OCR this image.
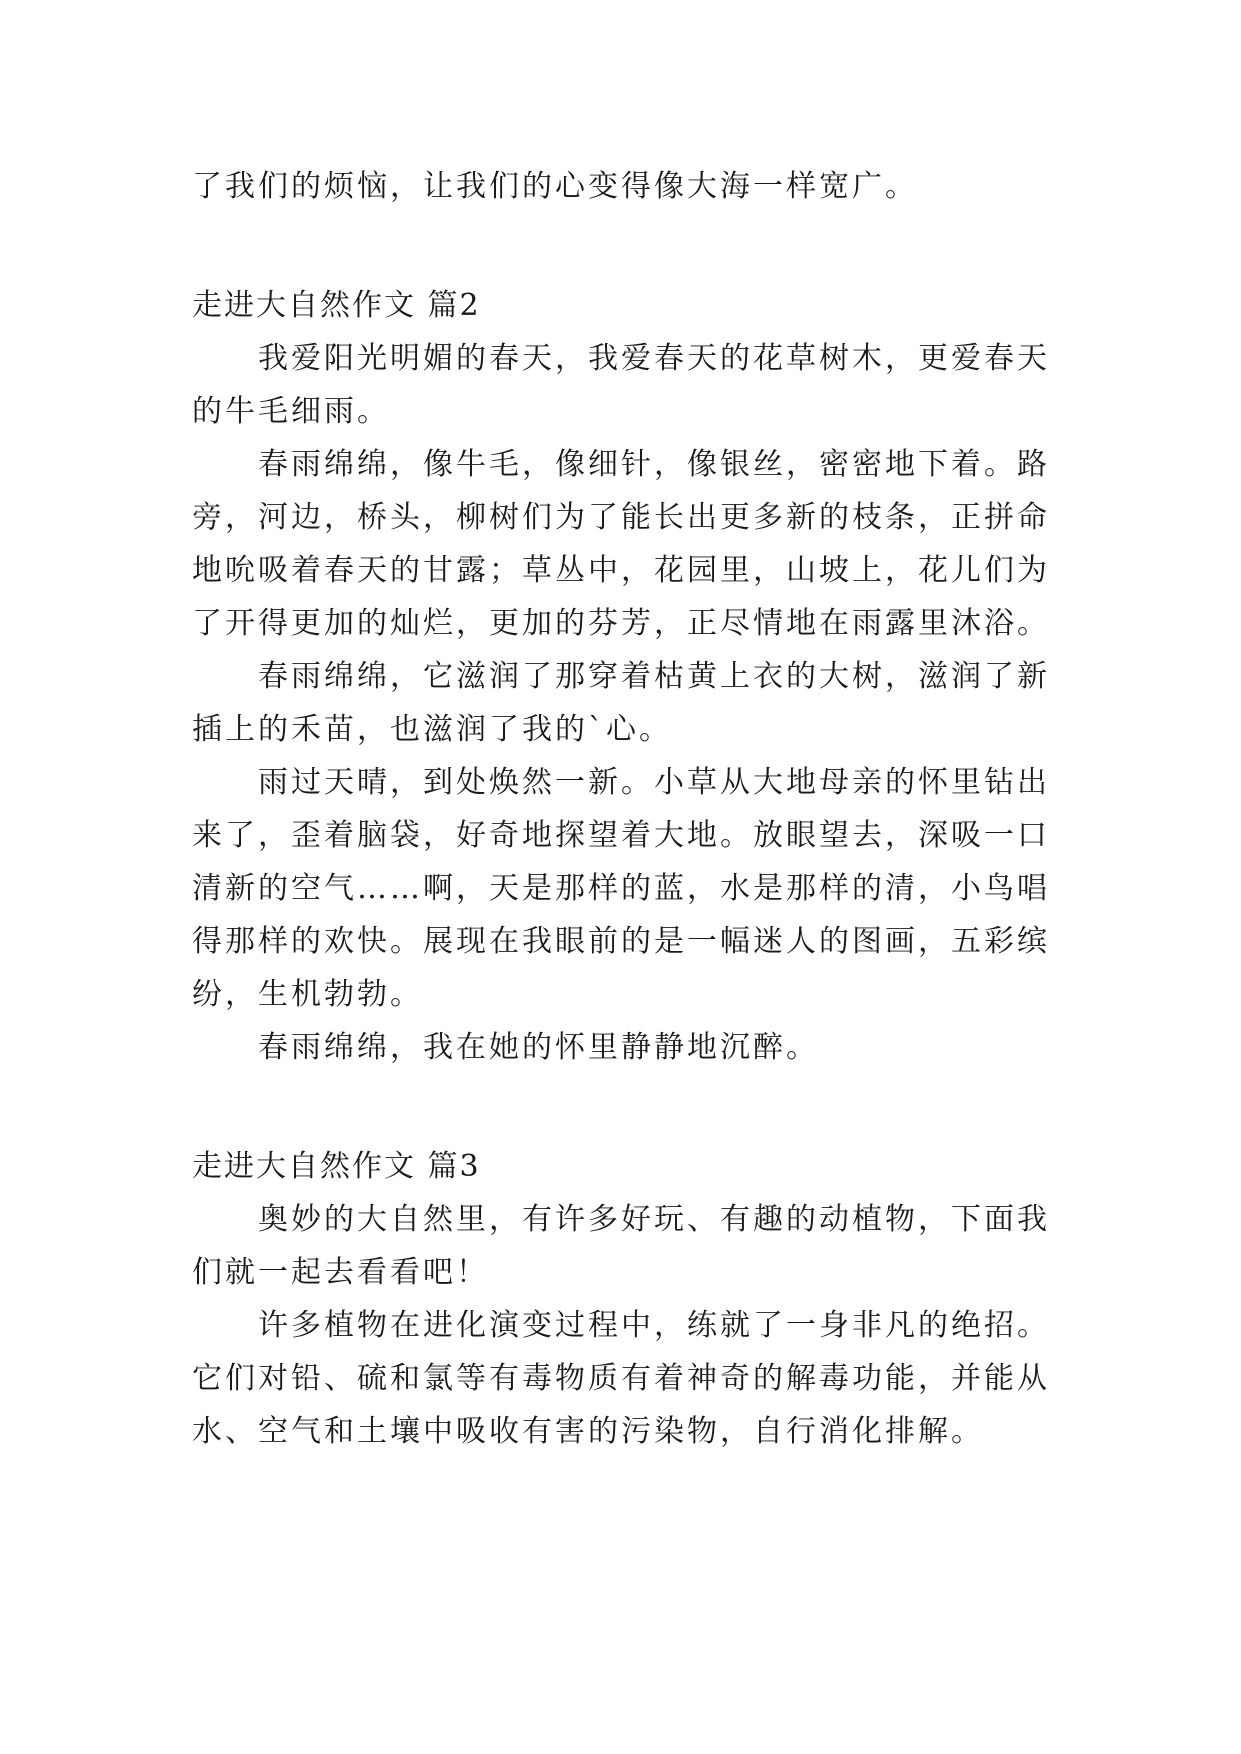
了我们的烦恼，让我们的心变得像大海一样宽广。
走进大自然作文 篇2
我爱阳光明媚的春天，我爱春天的花草树木，更爱春天
的牛毛细雨。
春雨绵绵，像牛毛，像细针，像银丝，密密地下着。路
旁，河边，桥头，柳树们为了能长出更多新的枝条，正拼命
地吮吸着春天的甘露；草丛中，花园里，山坡上，花儿们为
了开得更加的灿烂，更加的芬芳，正尽情地在雨露里沐浴。
春雨绵绵，它滋润了那穿着枯黄上衣的大树，滋润了新
插上的禾苗，也滋润了我的`心。
雨过天晴，到处焕然一新。小草从大地母亲的怀里钻出
来了，歪着脑袋，好奇地探望着大地。放眼望去，深吸一口
清新的空气……啊，天是那样的蓝，水是那样的清，小鸟唱
得那样的欢快。展现在我眼前的是一幅迷人的图画，五彩缤
纷，生机勃勃。
春雨绵绵，我在她的怀里静静地沉醉。
走进大自然作文 篇3
奥妙的大自然里，有许多好玩、有趣的动植物，下面我
们就一起去看看吧！
许多植物在进化演变过程中，练就了一身非凡的绝招。
它们对铅、硫和氯等有毒物质有着神奇的解毒功能，并能从
水、空气和土壤中吸收有害的污染物，自行消化排解。
